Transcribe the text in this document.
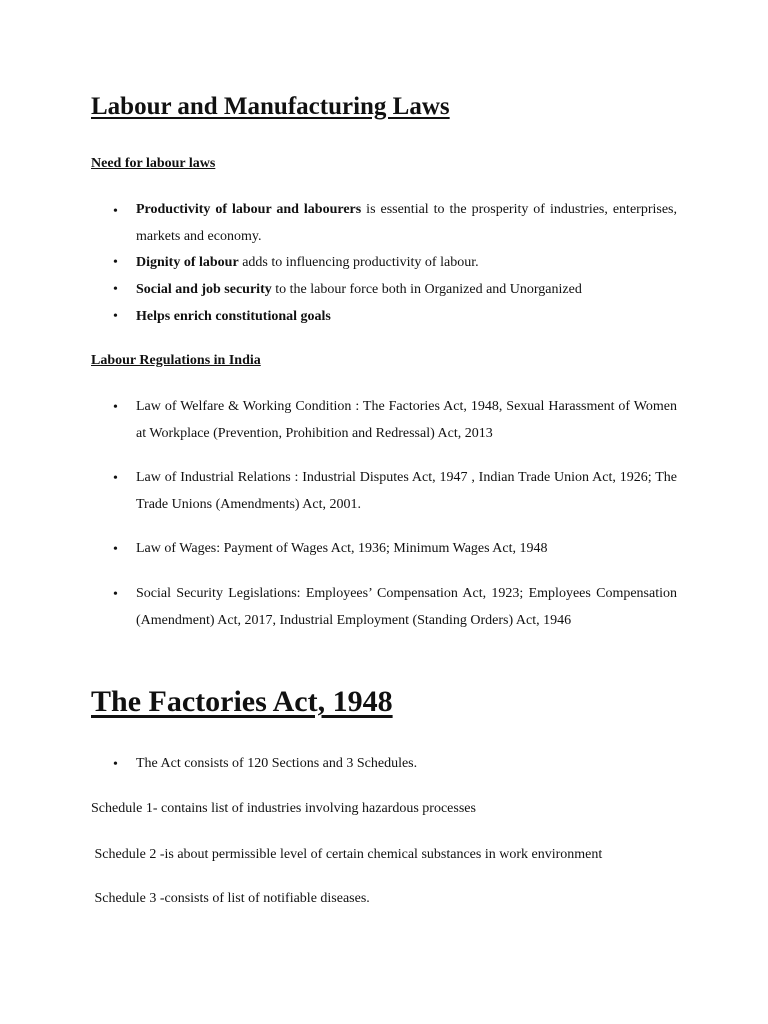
Labour and Manufacturing Laws
Need for labour laws
• Productivity of labour and labourers is essential to the prosperity of industries, enterprises, markets and economy.
• Dignity of labour adds to influencing productivity of labour.
• Social and job security to the labour force both in Organized and Unorganized
• Helps enrich constitutional goals
Labour Regulations in India
• Law of Welfare & Working Condition : The Factories Act, 1948, Sexual Harassment of Women at Workplace (Prevention, Prohibition and Redressal) Act, 2013
• Law of Industrial Relations : Industrial Disputes Act, 1947 , Indian Trade Union Act, 1926; The Trade Unions (Amendments) Act, 2001.
• Law of Wages: Payment of Wages Act, 1936; Minimum Wages Act, 1948
• Social Security Legislations: Employees’ Compensation Act, 1923; Employees Compensation (Amendment) Act, 2017, Industrial Employment (Standing Orders) Act, 1946
The Factories Act, 1948
• The Act consists of 120 Sections and 3 Schedules.
Schedule 1- contains list of industries involving hazardous processes
Schedule 2 -is about permissible level of certain chemical substances in work environment
Schedule 3 -consists of list of notifiable diseases.
